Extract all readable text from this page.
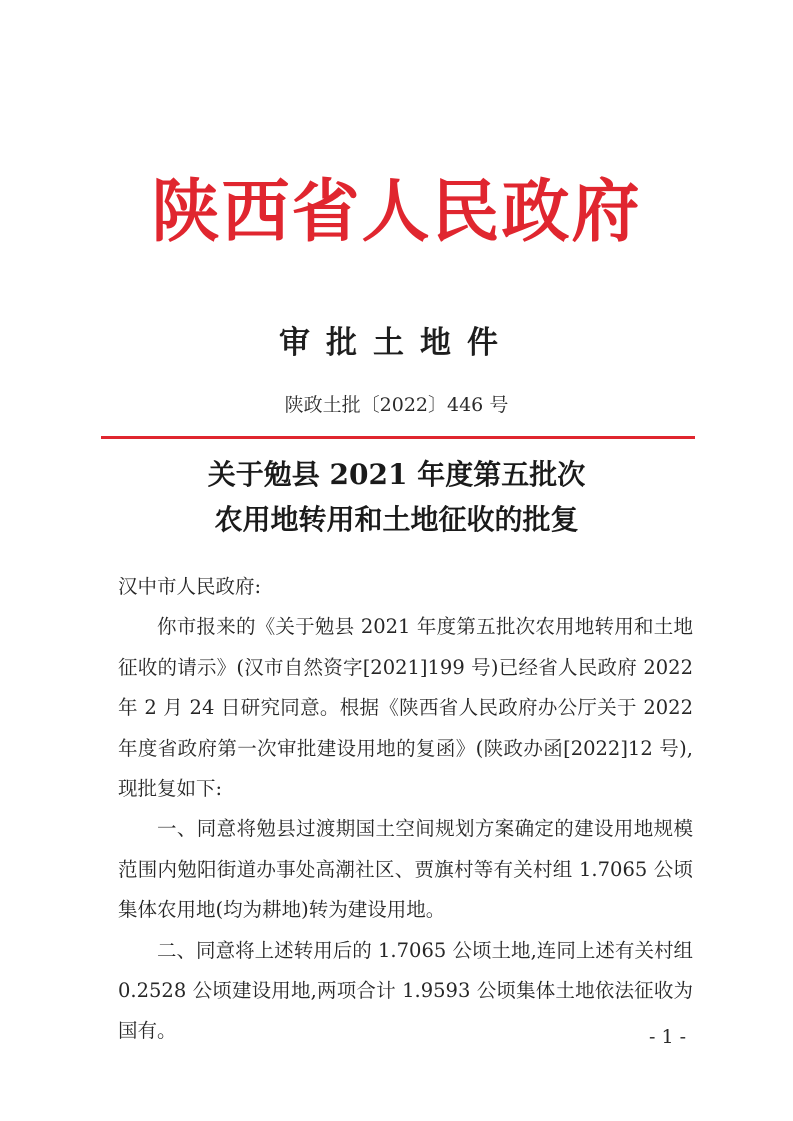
陕西省人民政府
审批土地件
陕政土批〔2022〕446 号
关于勉县 2021 年度第五批次
农用地转用和土地征收的批复

汉中市人民政府:

你市报来的《关于勉县 2021 年度第五批次农用地转用和土地征收的请示》(汉市自然资字[2021]199 号)已经省人民政府 2022 年 2 月 24 日研究同意。根据《陕西省人民政府办公厅关于 2022 年度省政府第一次审批建设用地的复函》(陕政办函[2022]12 号),现批复如下:

一、同意将勉县过渡期国土空间规划方案确定的建设用地规模范围内勉阳街道办事处高潮社区、贾旗村等有关村组 1.7065 公顷集体农用地(均为耕地)转为建设用地。

二、同意将上述转用后的 1.7065 公顷土地,连同上述有关村组 0.2528 公顷建设用地,两项合计 1.9593 公顷集体土地依法征收为国有。	- 1 -
